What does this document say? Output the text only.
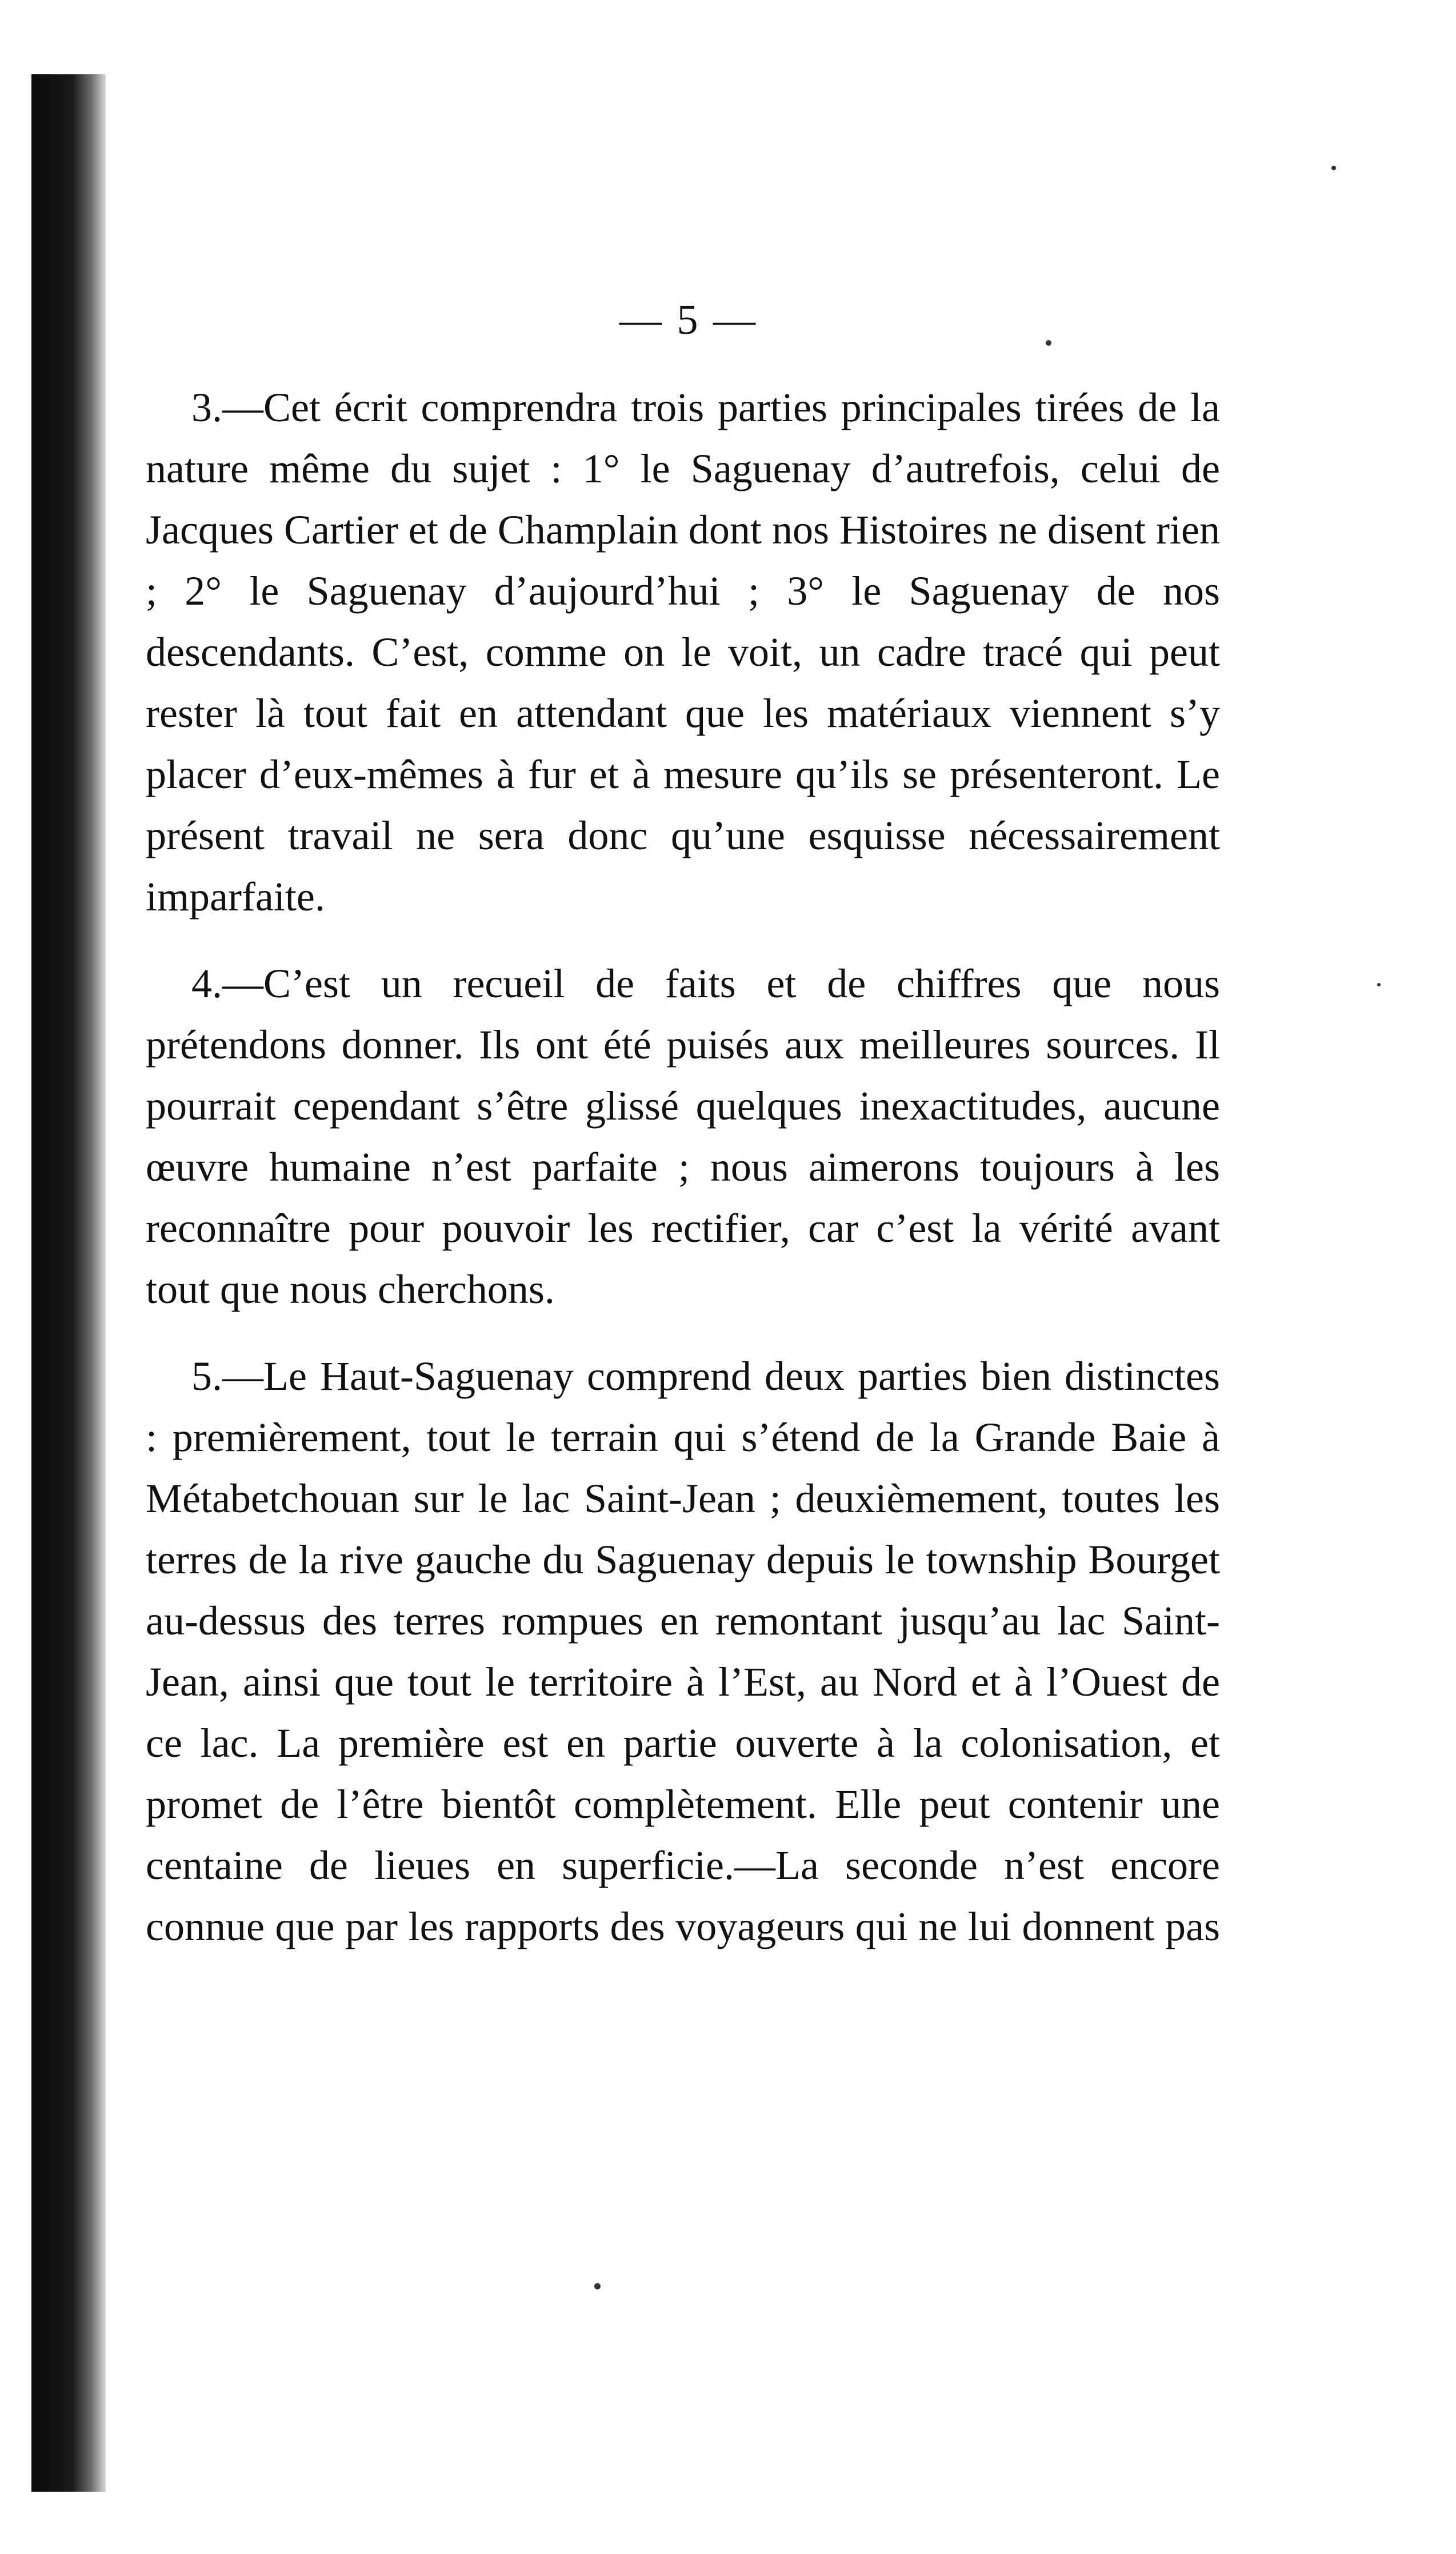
— 5 —

3.—Cet écrit comprendra trois parties principales tirées de la nature même du sujet : 1° le Saguenay d’autrefois, celui de Jacques Cartier et de Champlain dont nos Histoires ne disent rien ; 2° le Saguenay d’aujourd’hui ; 3° le Saguenay de nos descendants. C’est, comme on le voit, un cadre tracé qui peut rester là tout fait en attendant que les matériaux viennent s’y placer d’eux-mêmes à fur et à mesure qu’ils se présenteront. Le présent travail ne sera donc qu’une esquisse nécessairement imparfaite.

4.—C’est un recueil de faits et de chiffres que nous prétendons donner. Ils ont été puisés aux meilleures sources. Il pourrait cependant s’être glissé quelques inexactitudes, aucune œuvre humaine n’est parfaite ; nous aimerons toujours à les reconnaître pour pouvoir les rectifier, car c’est la vérité avant tout que nous cherchons.

5.—Le Haut-Saguenay comprend deux parties bien distinctes : premièrement, tout le terrain qui s’étend de la Grande Baie à Métabetchouan sur le lac Saint-Jean ; deuxièmement, toutes les terres de la rive gauche du Saguenay depuis le township Bourget au-dessus des terres rompues en remontant jusqu’au lac Saint-Jean, ainsi que tout le territoire à l’Est, au Nord et à l’Ouest de ce lac. La première est en partie ouverte à la colonisation, et promet de l’être bientôt complètement. Elle peut contenir une centaine de lieues en superficie.—La seconde n’est encore connue que par les rapports des voyageurs qui ne lui donnent pas
